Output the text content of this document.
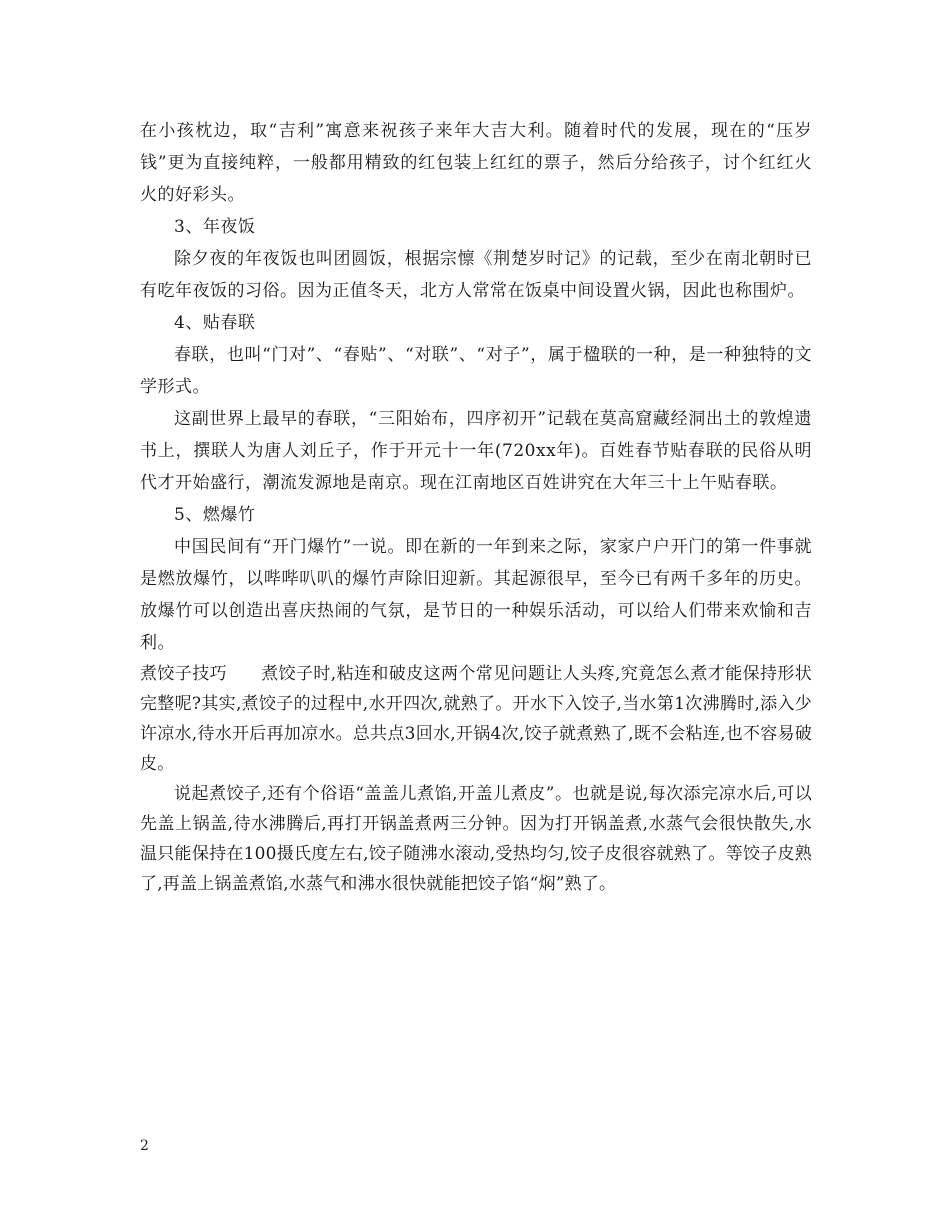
在小孩枕边，取“吉利”寓意来祝孩子来年大吉大利。随着时代的发展，现在的“压岁钱”更为直接纯粹，一般都用精致的红包装上红红的票子，然后分给孩子，讨个红红火火的好彩头。

3、年夜饭

除夕夜的年夜饭也叫团圆饭，根据宗懔《荆楚岁时记》的记载，至少在南北朝时已有吃年夜饭的习俗。因为正值冬天，北方人常常在饭桌中间设置火锅，因此也称围炉。

4、贴春联

春联，也叫“门对”、“春贴”、“对联”、“对子”，属于楹联的一种，是一种独特的文学形式。

这副世界上最早的春联，“三阳始布，四序初开”记载在莫高窟藏经洞出土的敦煌遗书上，撰联人为唐人刘丘子，作于开元十一年(720xx年)。百姓春节贴春联的民俗从明代才开始盛行，潮流发源地是南京。现在江南地区百姓讲究在大年三十上午贴春联。

5、燃爆竹

中国民间有“开门爆竹”一说。即在新的一年到来之际，家家户户开门的第一件事就是燃放爆竹，以哔哔叭叭的爆竹声除旧迎新。其起源很早，至今已有两千多年的历史。放爆竹可以创造出喜庆热闹的气氛，是节日的一种娱乐活动，可以给人们带来欢愉和吉利。

煮饺子技巧 煮饺子时,粘连和破皮这两个常见问题让人头疼,究竟怎么煮才能保持形状完整呢?其实,煮饺子的过程中,水开四次,就熟了。开水下入饺子,当水第1次沸腾时,添入少许凉水,待水开后再加凉水。总共点3回水,开锅4次,饺子就煮熟了,既不会粘连,也不容易破皮。

说起煮饺子,还有个俗语“盖盖儿煮馅,开盖儿煮皮”。也就是说,每次添完凉水后,可以先盖上锅盖,待水沸腾后,再打开锅盖煮两三分钟。因为打开锅盖煮,水蒸气会很快散失,水温只能保持在100摄氏度左右,饺子随沸水滚动,受热均匀,饺子皮很容就熟了。等饺子皮熟了,再盖上锅盖煮馅,水蒸气和沸水很快就能把饺子馅“焖”熟了。

2
